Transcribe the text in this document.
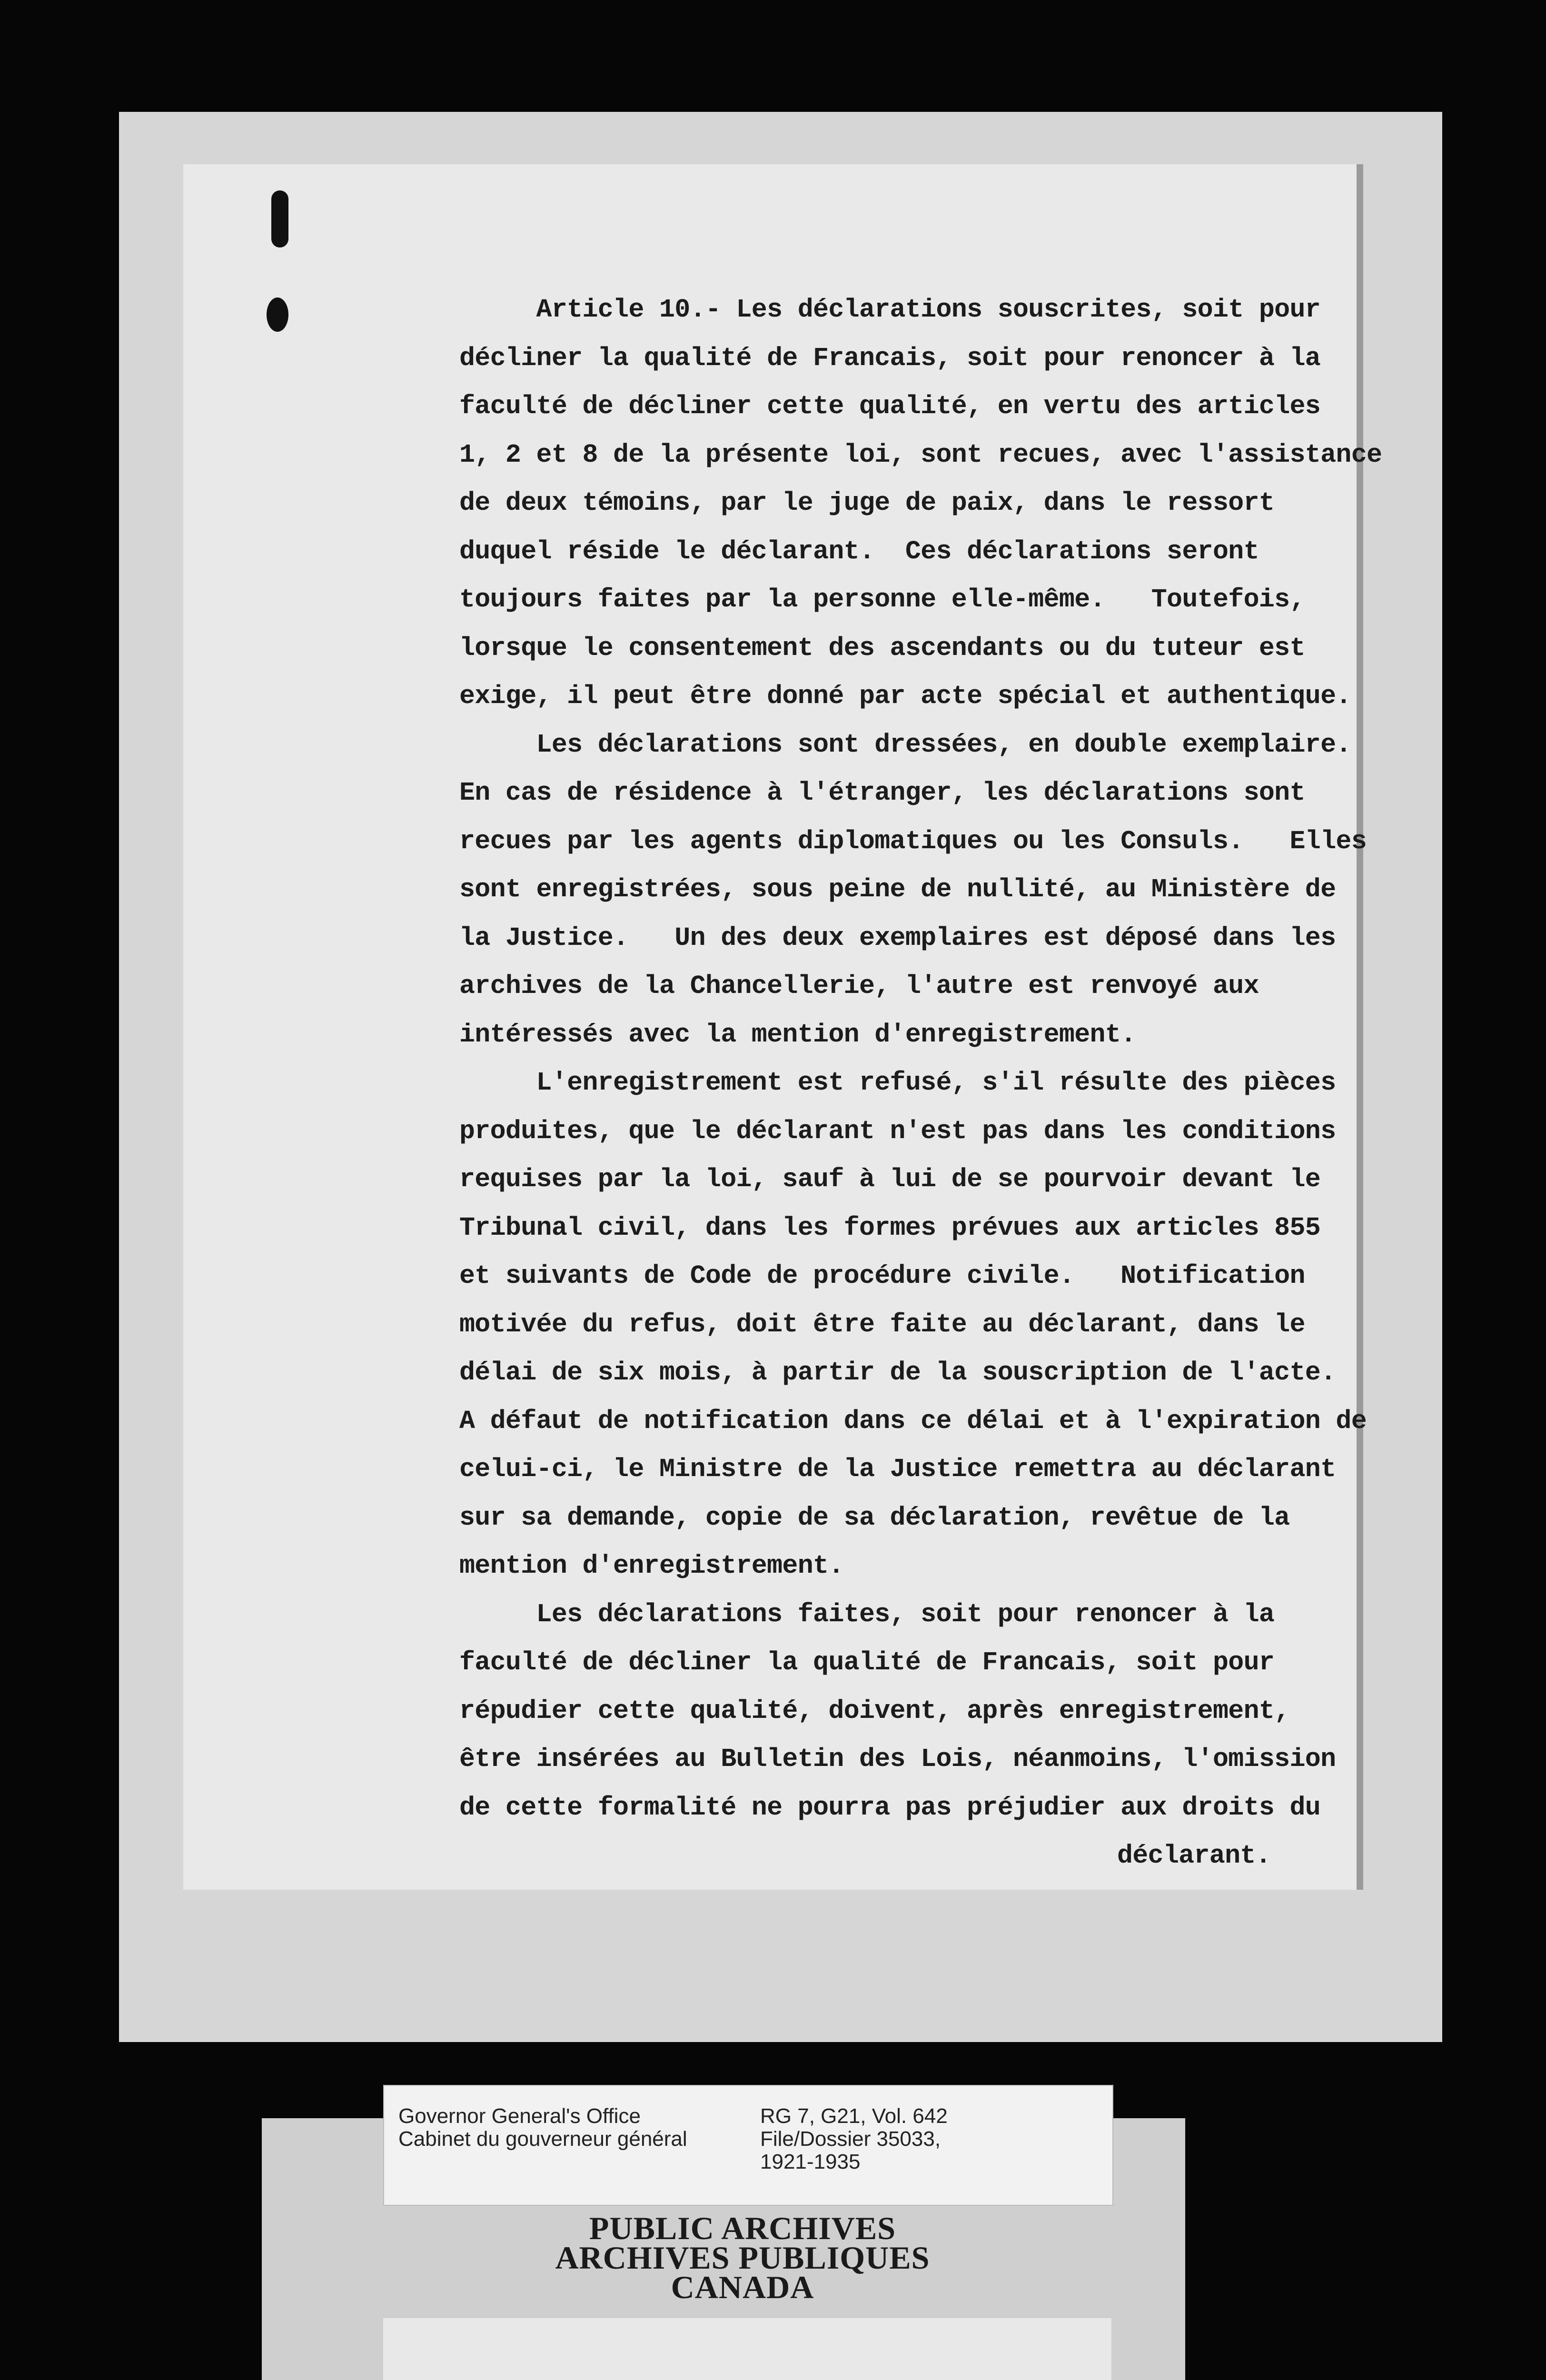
Article 10.- Les déclarations souscrites, soit pour
décliner la qualité de Francais, soit pour renoncer à la
faculté de décliner cette qualité, en vertu des articles
1, 2 et 8 de la présente loi, sont recues, avec l'assistance
de deux témoins, par le juge de paix, dans le ressort
duquel réside le déclarant.  Ces déclarations seront
toujours faites par la personne elle-même.   Toutefois,
lorsque le consentement des ascendants ou du tuteur est
exige, il peut être donné par acte spécial et authentique.
Les déclarations sont dressées, en double exemplaire.
En cas de résidence à l'étranger, les déclarations sont
recues par les agents diplomatiques ou les Consuls.   Elles
sont enregistrées, sous peine de nullité, au Ministère de
la Justice.   Un des deux exemplaires est déposé dans les
archives de la Chancellerie, l'autre est renvoyé aux
intéressés avec la mention d'enregistrement.
L'enregistrement est refusé, s'il résulte des pièces
produites, que le déclarant n'est pas dans les conditions
requises par la loi, sauf à lui de se pourvoir devant le
Tribunal civil, dans les formes prévues aux articles 855
et suivants de Code de procédure civile.   Notification
motivée du refus, doit être faite au déclarant, dans le
délai de six mois, à partir de la souscription de l'acte.
A défaut de notification dans ce délai et à l'expiration de
celui-ci, le Ministre de la Justice remettra au déclarant
sur sa demande, copie de sa déclaration, revêtue de la
mention d'enregistrement.
Les déclarations faites, soit pour renoncer à la
faculté de décliner la qualité de Francais, soit pour
répudier cette qualité, doivent, après enregistrement,
être insérées au Bulletin des Lois, néanmoins, l'omission
de cette formalité ne pourra pas préjudier aux droits du
déclarant.
Governor General's Office
Cabinet du gouverneur général
RG 7, G21, Vol. 642
File/Dossier 35033,
1921-1935
PUBLIC ARCHIVES
ARCHIVES PUBLIQUES
CANADA
